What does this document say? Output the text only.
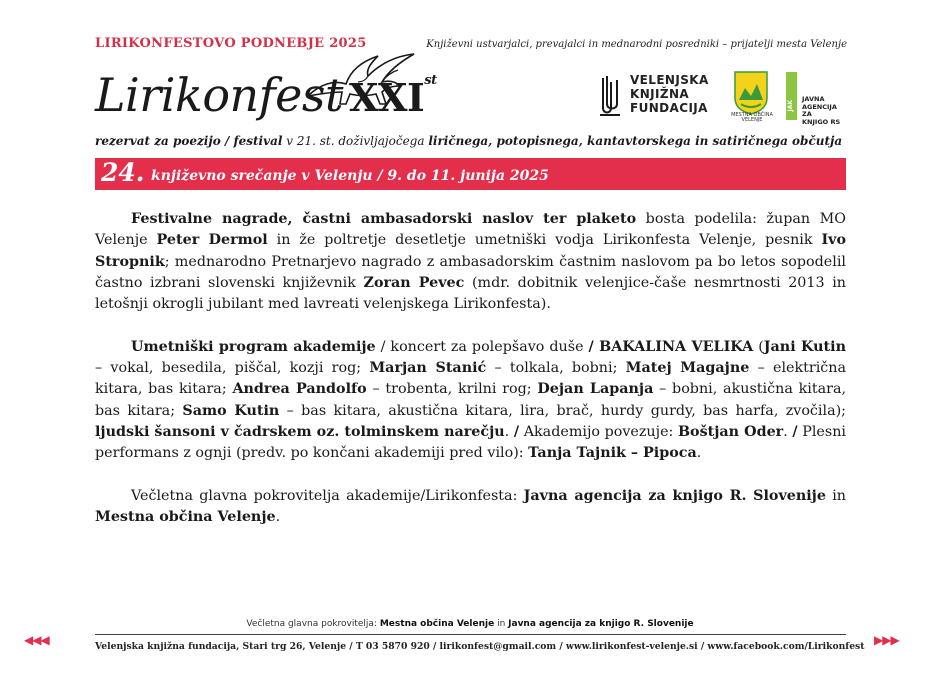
LIRIKONFESTOVO PODNEBJE 2025	Književni ustvarjalci, prevajalci in mednarodni posredniki – prijatelji mesta Velenje
Lirikonfest XXIst
rezervat za poezijo / festival v 21. st. doživljajočega liričnega, potopisnega, kantavtorskega in satiričnega občutja
VELENJSKA
KNJIŽNA
FUNDACIJA	MESTNA OBČINA
VELENJE
JAK
JAVNA
AGENCIJA ZA
KNJIGO RS
24. književno srečanje v Velenju / 9. do 11. junija 2025

Festivalne nagrade, častni ambasadorski naslov ter plaketo bosta podelila: župan MO Velenje Peter Dermol in že poltretje desetletje umetniški vodja Lirikonfesta Velenje, pesnik Ivo Stropnik; mednarodno Pretnarjevo nagrado z ambasadorskim častnim naslovom pa bo letos sopodelil častno izbrani slovenski književnik Zoran Pevec (mdr. dobitnik velenjice-čaše nesmrtnosti 2013 in letošnji okrogli jubilant med lavreati velenjskega Lirikonfesta).

Umetniški program akademije / koncert za polepšavo duše / BAKALINA VELIKA (Jani Kutin – vokal, besedila, piščal, kozji rog; Marjan Stanić – tolkala, bobni; Matej Magajne – električna kitara, bas kitara; Andrea Pandolfo – trobenta, krilni rog; Dejan Lapanja – bobni, akustična kitara, bas kitara; Samo Kutin – bas kitara, akustična kitara, lira, brač, hurdy gurdy, bas harfa, zvočila); ljudski šansoni v čadrskem oz. tolminskem narečju. / Akademijo povezuje: Boštjan Oder. / Plesni performans z ognji (predv. po končani akademiji pred vilo): Tanja Tajnik – Pipoca.

Večletna glavna pokrovitelja akademije/Lirikonfesta: Javna agencija za knjigo R. Slovenije in Mestna občina Velenje.

Večletna glavna pokrovitelja: Mestna občina Velenje in Javna agencija za knjigo R. Slovenije
Velenjska knjižna fundacija, Stari trg 26, Velenje / T 03 5870 920 / lirikonfest@gmail.com / www.lirikonfest-velenje.si / www.facebook.com/Lirikonfest
◀◀◀	▶▶▶
